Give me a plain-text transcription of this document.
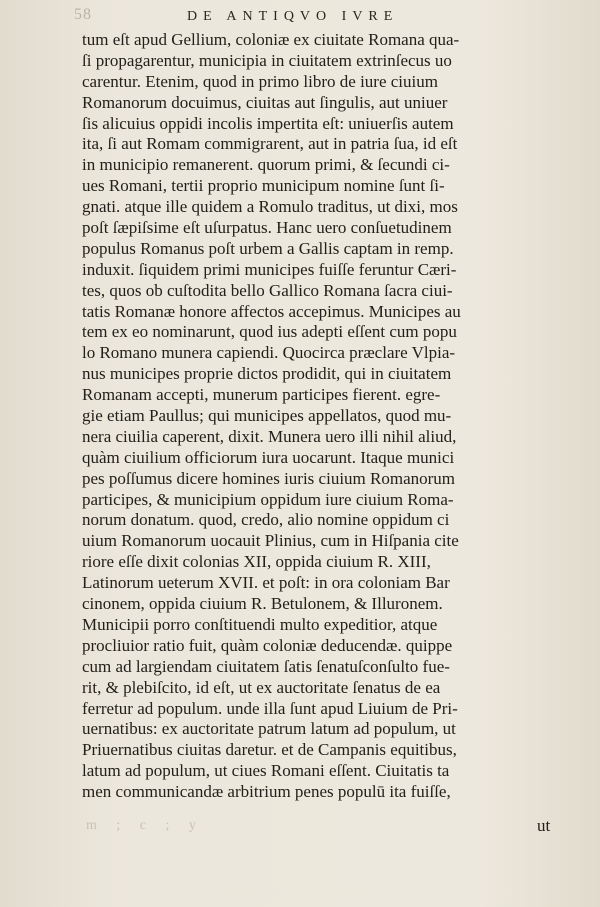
58	DE ANTIQVO IVRE
tum eſt apud Gellium, coloniæ ex ciuitate Romana qua-
ſi propagarentur, municipia in ciuitatem extrinſecus uo
carentur. Etenim, quod in primo libro de iure ciuium
Romanorum docuimus, ciuitas aut ſingulis, aut uniuer
ſis alicuius oppidi incolis impertita eſt: uniuerſis autem
ita, ſi aut Romam commigrarent, aut in patria ſua, id eſt
in municipio remanerent. quorum primi, & ſecundi ci-
ues Romani, tertii proprio municipum nomine ſunt ſi-
gnati. atque ille quidem a Romulo traditus, ut dixi, mos
poſt ſæpiſsime eſt uſurpatus. Hanc uero conſuetudinem
populus Romanus poſt urbem a Gallis captam in remp.
induxit. ſiquidem primi municipes fuiſſe feruntur Cæri-
tes, quos ob cuſtodita bello Gallico Romana ſacra ciui-
tatis Romanæ honore affectos accepimus. Municipes au
tem ex eo nominarunt, quod ius adepti eſſent cum popu
lo Romano munera capiendi. Quocirca præclare Vlpia-
nus municipes proprie dictos prodidit, qui in ciuitatem
Romanam accepti, munerum participes fierent. egre-
gie etiam Paullus; qui municipes appellatos, quod mu-
nera ciuilia caperent, dixit. Munera uero illi nihil aliud,
quàm ciuilium officiorum iura uocarunt. Itaque munici
pes poſſumus dicere homines iuris ciuium Romanorum
participes, & municipium oppidum iure ciuium Roma-
norum donatum. quod, credo, alio nomine oppidum ci
uium Romanorum uocauit Plinius, cum in Hiſpania cite
riore eſſe dixit colonias XII, oppida ciuium R. XIII,
Latinorum ueterum XVII. et poſt: in ora coloniam Bar
cinonem, oppida ciuium R. Betulonem, & Illuronem.
Municipii porro conſtituendi multo expeditior, atque
procliuior ratio fuit, quàm coloniæ deducendæ. quippe
cum ad largiendam ciuitatem ſatis ſenatuſconſulto fue-
rit, & plebiſcito, id eſt, ut ex auctoritate ſenatus de ea
ferretur ad populum. unde illa ſunt apud Liuium de Pri-
uernatibus: ex auctoritate patrum latum ad populum, ut
Priuernatibus ciuitas daretur. et de Campanis equitibus,
latum ad populum, ut ciues Romani eſſent. Ciuitatis ta
men communicandæ arbitrium penes populū ita fuiſſe,
m ; c ; y	ut
